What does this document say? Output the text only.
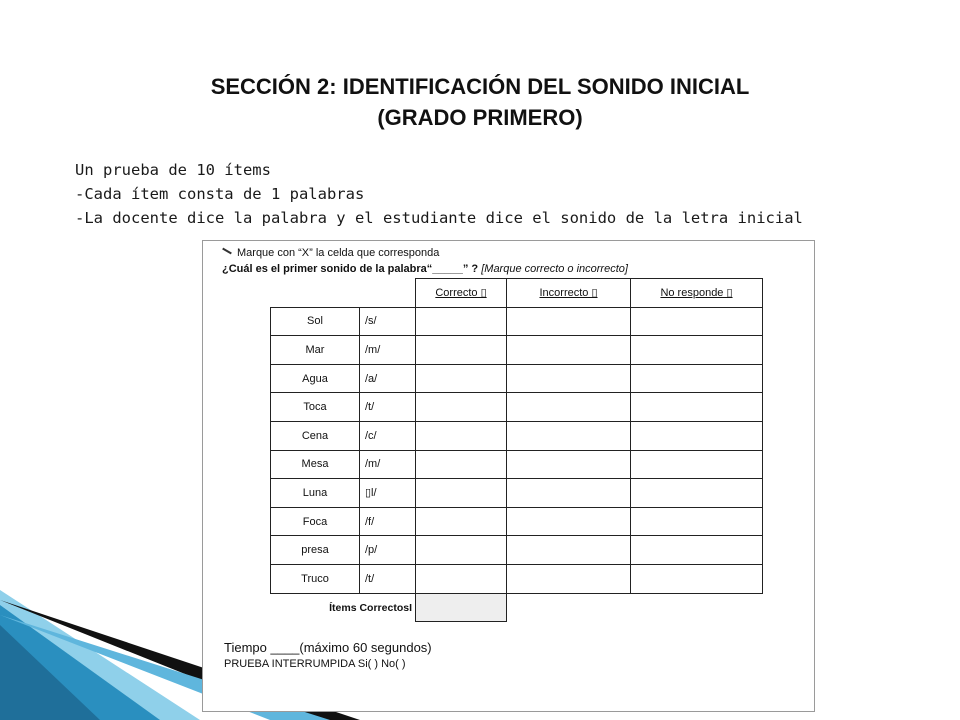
SECCIÓN 2: IDENTIFICACIÓN DEL SONIDO INICIAL
(GRADO PRIMERO)
Un prueba de 10 ítems
-Cada ítem consta de 1 palabras
-La docente dice la palabra y el estudiante dice el sonido de la letra inicial
Marque con “X” la celda que corresponda
¿Cuál es el primer sonido de la palabra“_____” ? [Marque correcto o incorrecto]
		Correcto ▯	Incorrecto ▯	No responde ▯
Sol	/s/			
Mar	/m/			
Agua	/a/			
Toca	/t/			
Cena	/c/			
Mesa	/m/			
Luna	▯l/			
Foca	/f/			
presa	/p/			
Truco	/t/			
Ítems CorrectosI				
Tiempo ____(máximo 60 segundos)
PRUEBA INTERRUMPIDA Si( ) No( )
